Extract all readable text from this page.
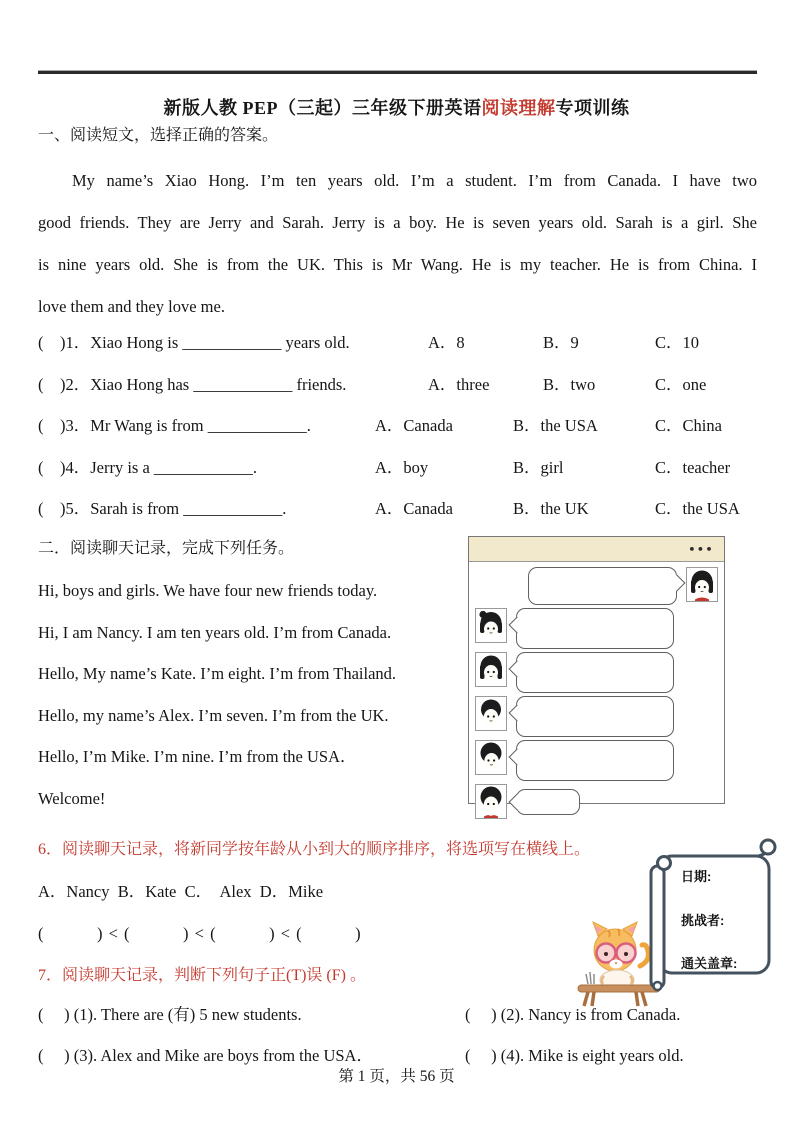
新版人教 PEP（三起）三年级下册英语阅读理解专项训练
一、阅读短文，选择正确的答案。
My name’s Xiao Hong. I’m ten years old. I’m a student. I’m from Canada. I have two
good friends. They are Jerry and Sarah. Jerry is a boy. He is seven years old. Sarah is a girl. She
is nine years old. She is from the UK. This is Mr Wang. He is my teacher. He is from China. I
love them and they love me.
(　)1．Xiao Hong is ____________ years old.	A．8	B．9	C．10
(　)2．Xiao Hong has ____________ friends.	A．three	B．two	C．one
(　)3．Mr Wang is from ____________.	A．Canada	B．the USA	C．China
(　)4．Jerry is a ____________.	A．boy	B．girl	C．teacher
(　)5．Sarah is from ____________.	A．Canada	B．the UK	C．the USA
二．阅读聊天记录，完成下列任务。
Hi, boys and girls. We have four new friends today.
Hi, I am Nancy. I am ten years old. I’m from Canada.
Hello, My name’s Kate. I’m eight. I’m from Thailand.
Hello, my name’s Alex. I’m seven. I’m from the UK.
Hello, I’m Mike. I’m nine. I’m from the USA．
Welcome!
•••
6．阅读聊天记录，将新同学按年龄从小到大的顺序排序，将选项写在横线上。
A．Nancy  B．Kate  C．  Alex  D．Mike
(　　　) < (　　　) < (　　　) < (　　　)
7．阅读聊天记录，判断下列句子正(T)误 (F) 。
(　 ) (1). There are (有) 5 new students.	(　 ) (2). Nancy is from Canada.
(　 ) (3). Alex and Mike are boys from the USA．	(　 ) (4). Mike is eight years old.
日期:
挑战者:
通关盖章:
第 1 页，共 56 页
